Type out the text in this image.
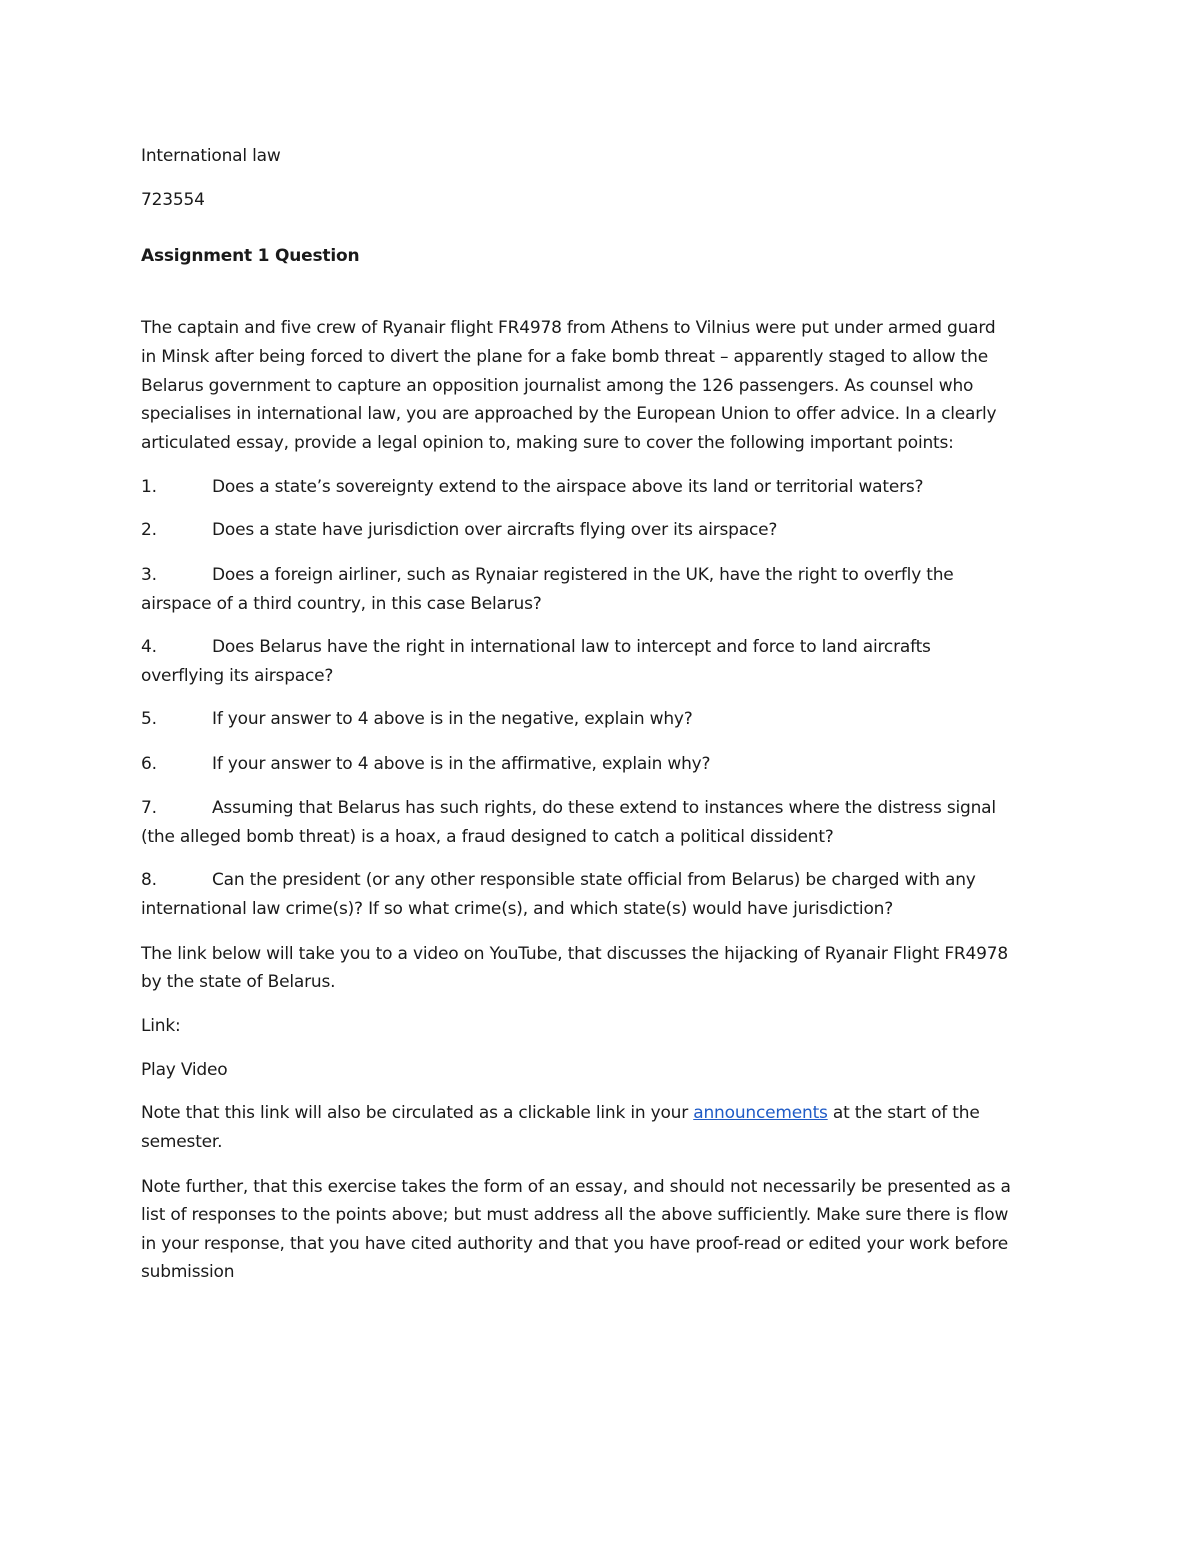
International law
723554
Assignment 1 Question
The captain and five crew of Ryanair flight FR4978 from Athens to Vilnius were put under armed guard
in Minsk after being forced to divert the plane for a fake bomb threat – apparently staged to allow the
Belarus government to capture an opposition journalist among the 126 passengers. As counsel who
specialises in international law, you are approached by the European Union to offer advice. In a clearly
articulated essay, provide a legal opinion to, making sure to cover the following important points:
1.	Does a state’s sovereignty extend to the airspace above its land or territorial waters?
2.	Does a state have jurisdiction over aircrafts flying over its airspace?
3.	Does a foreign airliner, such as Rynaiar registered in the UK, have the right to overfly the
airspace of a third country, in this case Belarus?
4.	Does Belarus have the right in international law to intercept and force to land aircrafts
overflying its airspace?
5.	If your answer to 4 above is in the negative, explain why?
6.	If your answer to 4 above is in the affirmative, explain why?
7.	Assuming that Belarus has such rights, do these extend to instances where the distress signal
(the alleged bomb threat) is a hoax, a fraud designed to catch a political dissident?
8.	Can the president (or any other responsible state official from Belarus) be charged with any
international law crime(s)? If so what crime(s), and which state(s) would have jurisdiction?
The link below will take you to a video on YouTube, that discusses the hijacking of Ryanair Flight FR4978
by the state of Belarus.
Link:
Play Video
Note that this link will also be circulated as a clickable link in your announcements at the start of the
semester.
Note further, that this exercise takes the form of an essay, and should not necessarily be presented as a
list of responses to the points above; but must address all the above sufficiently. Make sure there is flow
in your response, that you have cited authority and that you have proof-read or edited your work before
submission
